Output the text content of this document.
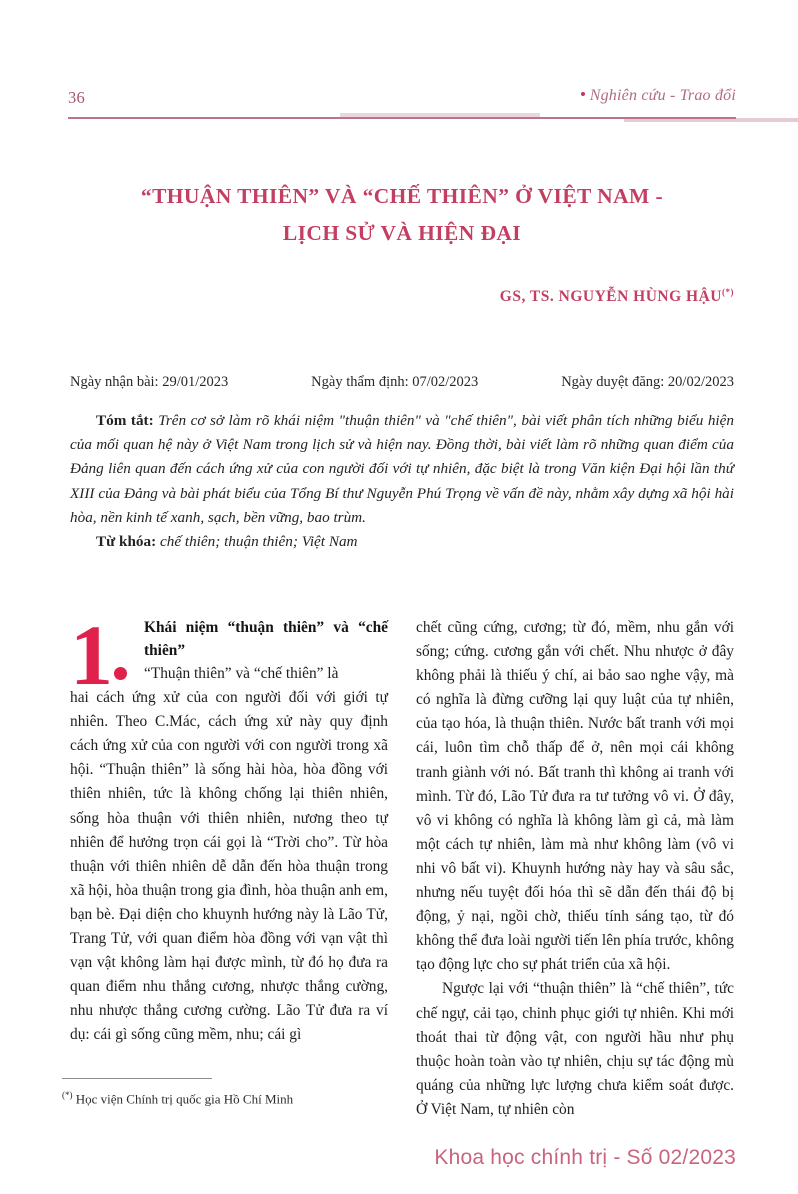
36	Nghiên cứu - Trao đổi
“THUẬN THIÊN” VÀ “CHẾ THIÊN” Ở VIỆT NAM -
LỊCH SỬ VÀ HIỆN ĐẠI
GS, TS. NGUYỄN HÙNG HẬU(*)
Ngày nhận bài: 29/01/2023	Ngày thẩm định: 07/02/2023	Ngày duyệt đăng: 20/02/2023

Tóm tắt: Trên cơ sở làm rõ khái niệm "thuận thiên" và "chế thiên", bài viết phân tích những biểu hiện của mối quan hệ này ở Việt Nam trong lịch sử và hiện nay. Đồng thời, bài viết làm rõ những quan điểm của Đảng liên quan đến cách ứng xử của con người đối với tự nhiên, đặc biệt là trong Văn kiện Đại hội lần thứ XIII của Đảng và bài phát biểu của Tổng Bí thư Nguyễn Phú Trọng về vấn đề này, nhằm xây dựng xã hội hài hòa, nền kinh tế xanh, sạch, bền vững, bao trùm.

Từ khóa: chế thiên; thuận thiên; Việt Nam

1	Khái niệm “thuận thiên” và “chế thiên”
“Thuận thiên” và “chế thiên” là

hai cách ứng xử của con người đối với giới tự nhiên. Theo C.Mác, cách ứng xử này quy định cách ứng xử của con người với con người trong xã hội. “Thuận thiên” là sống hài hòa, hòa đồng với thiên nhiên, tức là không chống lại thiên nhiên, sống hòa thuận với thiên nhiên, nương theo tự nhiên để hưởng trọn cái gọi là “Trời cho”. Từ hòa thuận với thiên nhiên dễ dẫn đến hòa thuận trong xã hội, hòa thuận trong gia đình, hòa thuận anh em, bạn bè. Đại diện cho khuynh hướng này là Lão Tử, Trang Tử, với quan điểm hòa đồng với vạn vật thì vạn vật không làm hại được mình, từ đó họ đưa ra quan điểm nhu thắng cương, nhược thắng cường, nhu nhược thắng cương cường. Lão Tử đưa ra ví dụ: cái gì sống cũng mềm, nhu; cái gì

chết cũng cứng, cương; từ đó, mềm, nhu gắn với sống; cứng. cương gắn với chết. Nhu nhược ở đây không phải là thiếu ý chí, ai bảo sao nghe vậy, mà có nghĩa là đừng cưỡng lại quy luật của tự nhiên, của tạo hóa, là thuận thiên. Nước bất tranh với mọi cái, luôn tìm chỗ thấp để ở, nên mọi cái không tranh giành với nó. Bất tranh thì không ai tranh với mình. Từ đó, Lão Tử đưa ra tư tưởng vô vi. Ở đây, vô vi không có nghĩa là không làm gì cả, mà làm một cách tự nhiên, làm mà như không làm (vô vi nhi vô bất vi). Khuynh hướng này hay và sâu sắc, nhưng nếu tuyệt đối hóa thì sẽ dẫn đến thái độ bị động, ỷ nại, ngồi chờ, thiếu tính sáng tạo, từ đó không thể đưa loài người tiến lên phía trước, không tạo động lực cho sự phát triển của xã hội.

Ngược lại với “thuận thiên” là “chế thiên”, tức chế ngự, cải tạo, chinh phục giới tự nhiên. Khi mới thoát thai từ động vật, con người hầu như phụ thuộc hoàn toàn vào tự nhiên, chịu sự tác động mù quáng của những lực lượng chưa kiểm soát được. Ở Việt Nam, tự nhiên còn

(*) Học viện Chính trị quốc gia Hồ Chí Minh
Khoa học chính trị - Số 02/2023
